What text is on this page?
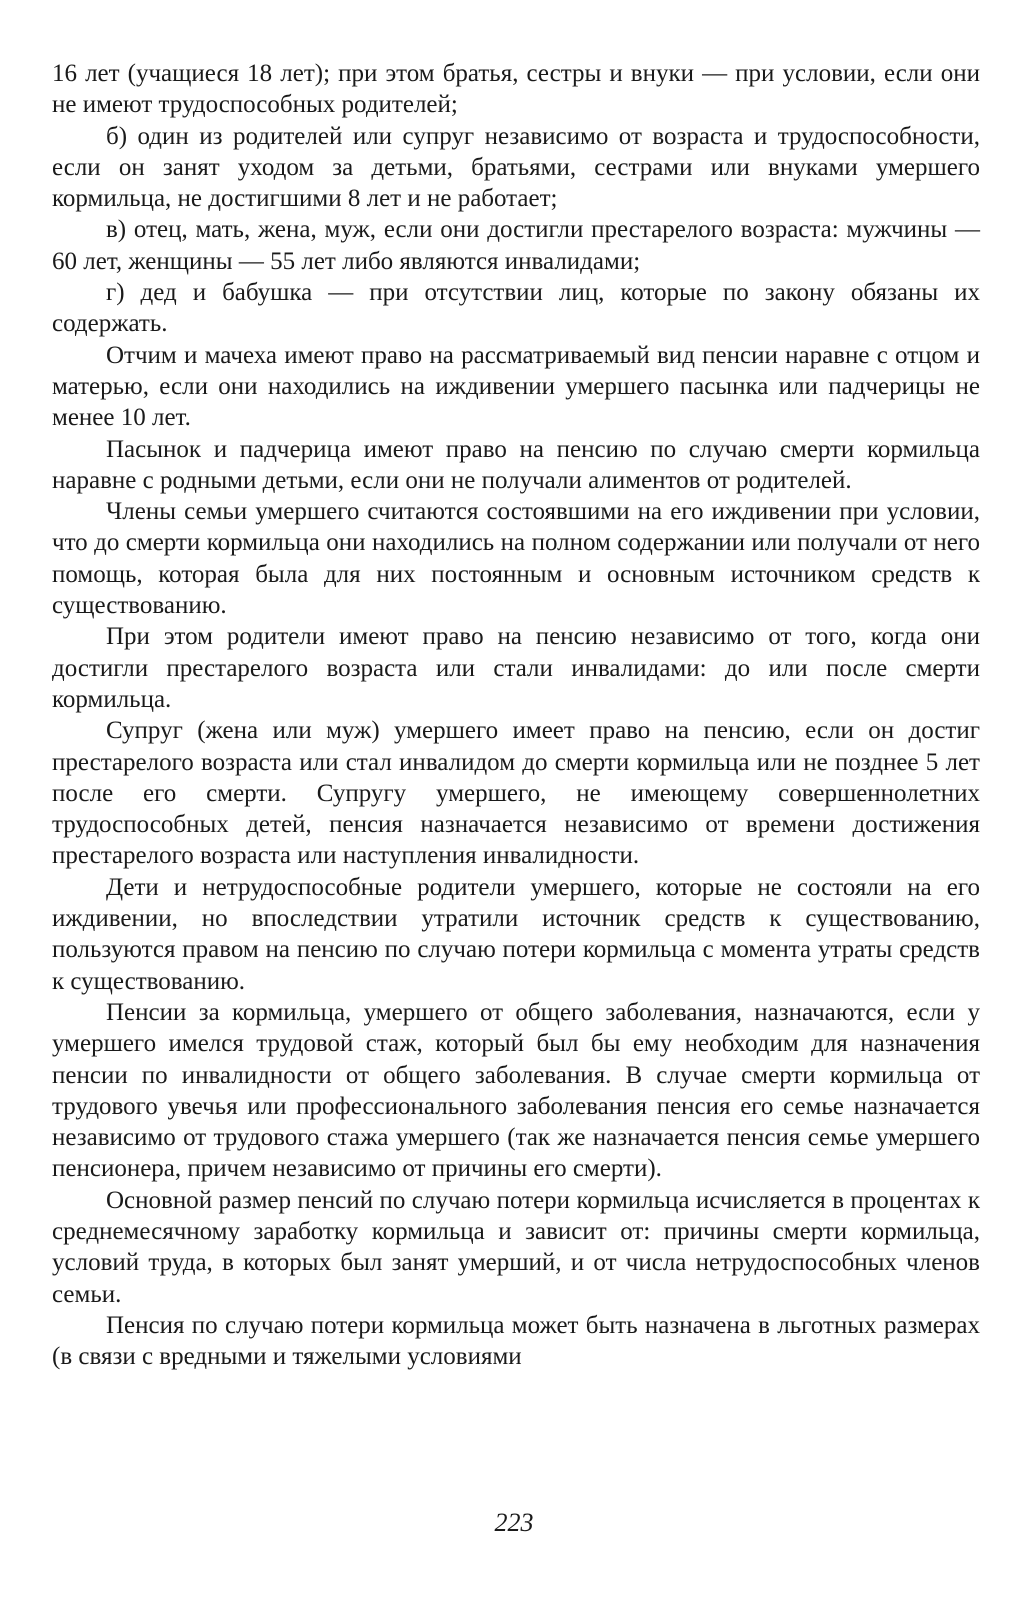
16 лет (учащиеся 18 лет); при этом братья, сестры и внуки — при условии, если они не имеют трудоспособных родителей;

б) один из родителей или супруг независимо от возраста и трудоспособности, если он занят уходом за детьми, братьями, сестрами или внуками умершего кормильца, не достигшими 8 лет и не работает;

в) отец, мать, жена, муж, если они достигли престарелого возраста: мужчины — 60 лет, женщины — 55 лет либо являются инвалидами;

г) дед и бабушка — при отсутствии лиц, которые по закону обязаны их содержать.

Отчим и мачеха имеют право на рассматриваемый вид пенсии наравне с отцом и матерью, если они находились на иждивении умершего пасынка или падчерицы не менее 10 лет.

Пасынок и падчерица имеют право на пенсию по случаю смерти кормильца наравне с родными детьми, если они не получали алиментов от родителей.

Члены семьи умершего считаются состоявшими на его иждивении при условии, что до смерти кормильца они находились на полном содержании или получали от него помощь, которая была для них постоянным и основным источником средств к существованию.

При этом родители имеют право на пенсию независимо от того, когда они достигли престарелого возраста или стали инвалидами: до или после смерти кормильца.

Супруг (жена или муж) умершего имеет право на пенсию, если он достиг престарелого возраста или стал инвалидом до смерти кормильца или не позднее 5 лет после его смерти. Супругу умершего, не имеющему совершеннолетних трудоспособных детей, пенсия назначается независимо от времени достижения престарелого возраста или наступления инвалидности.

Дети и нетрудоспособные родители умершего, которые не состояли на его иждивении, но впоследствии утратили источник средств к существованию, пользуются правом на пенсию по случаю потери кормильца с момента утраты средств к существованию.

Пенсии за кормильца, умершего от общего заболевания, назначаются, если у умершего имелся трудовой стаж, который был бы ему необходим для назначения пенсии по инвалидности от общего заболевания. В случае смерти кормильца от трудового увечья или профессионального заболевания пенсия его семье назначается независимо от трудового стажа умершего (так же назначается пенсия семье умершего пенсионера, причем независимо от причины его смерти).

Основной размер пенсий по случаю потери кормильца исчисляется в процентах к среднемесячному заработку кормильца и зависит от: причины смерти кормильца, условий труда, в которых был занят умерший, и от числа нетрудоспособных членов семьи.

Пенсия по случаю потери кормильца может быть назначена в льготных размерах (в связи с вредными и тяжелыми условиями

223
